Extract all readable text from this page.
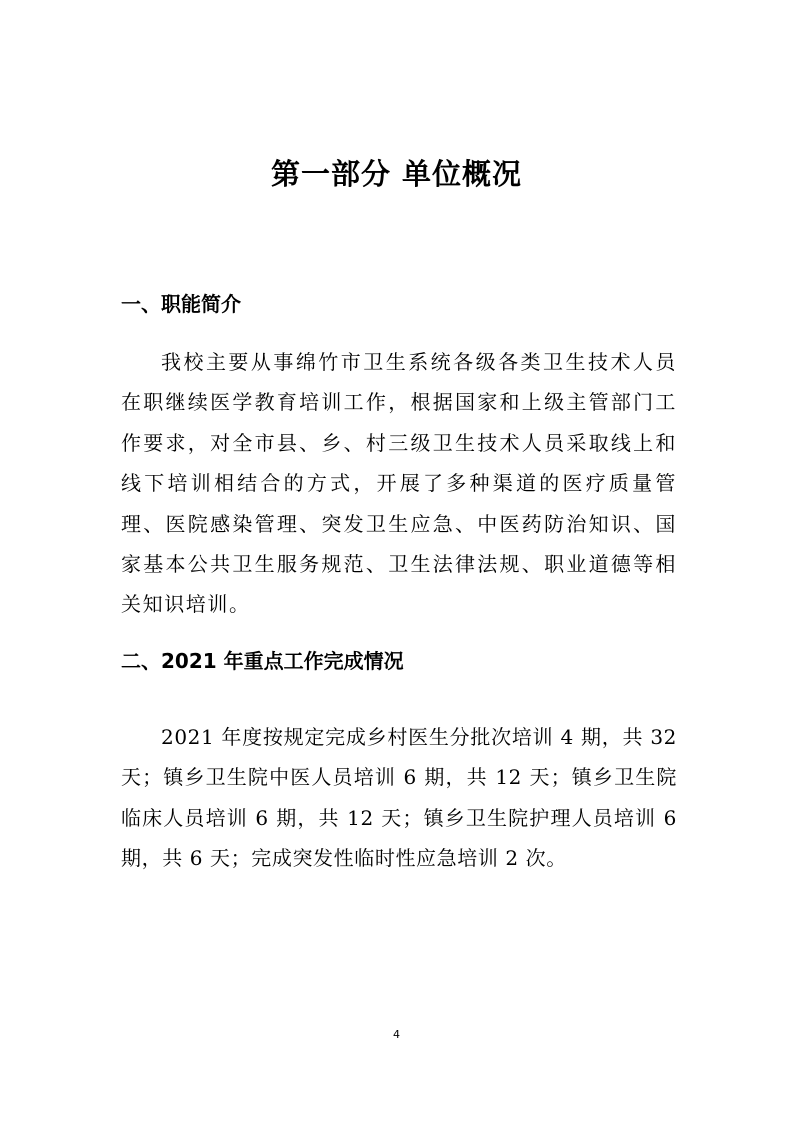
第一部分 单位概况
一、职能简介

我校主要从事绵竹市卫生系统各级各类卫生技术人员在职继续医学教育培训工作，根据国家和上级主管部门工作要求，对全市县、乡、村三级卫生技术人员采取线上和线下培训相结合的方式，开展了多种渠道的医疗质量管理、医院感染管理、突发卫生应急、中医药防治知识、国家基本公共卫生服务规范、卫生法律法规、职业道德等相关知识培训。

二、2021 年重点工作完成情况

2021 年度按规定完成乡村医生分批次培训 4 期，共 32 天；镇乡卫生院中医人员培训 6 期，共 12 天；镇乡卫生院临床人员培训 6 期，共 12 天；镇乡卫生院护理人员培训 6 期，共 6 天；完成突发性临时性应急培训 2 次。

4
